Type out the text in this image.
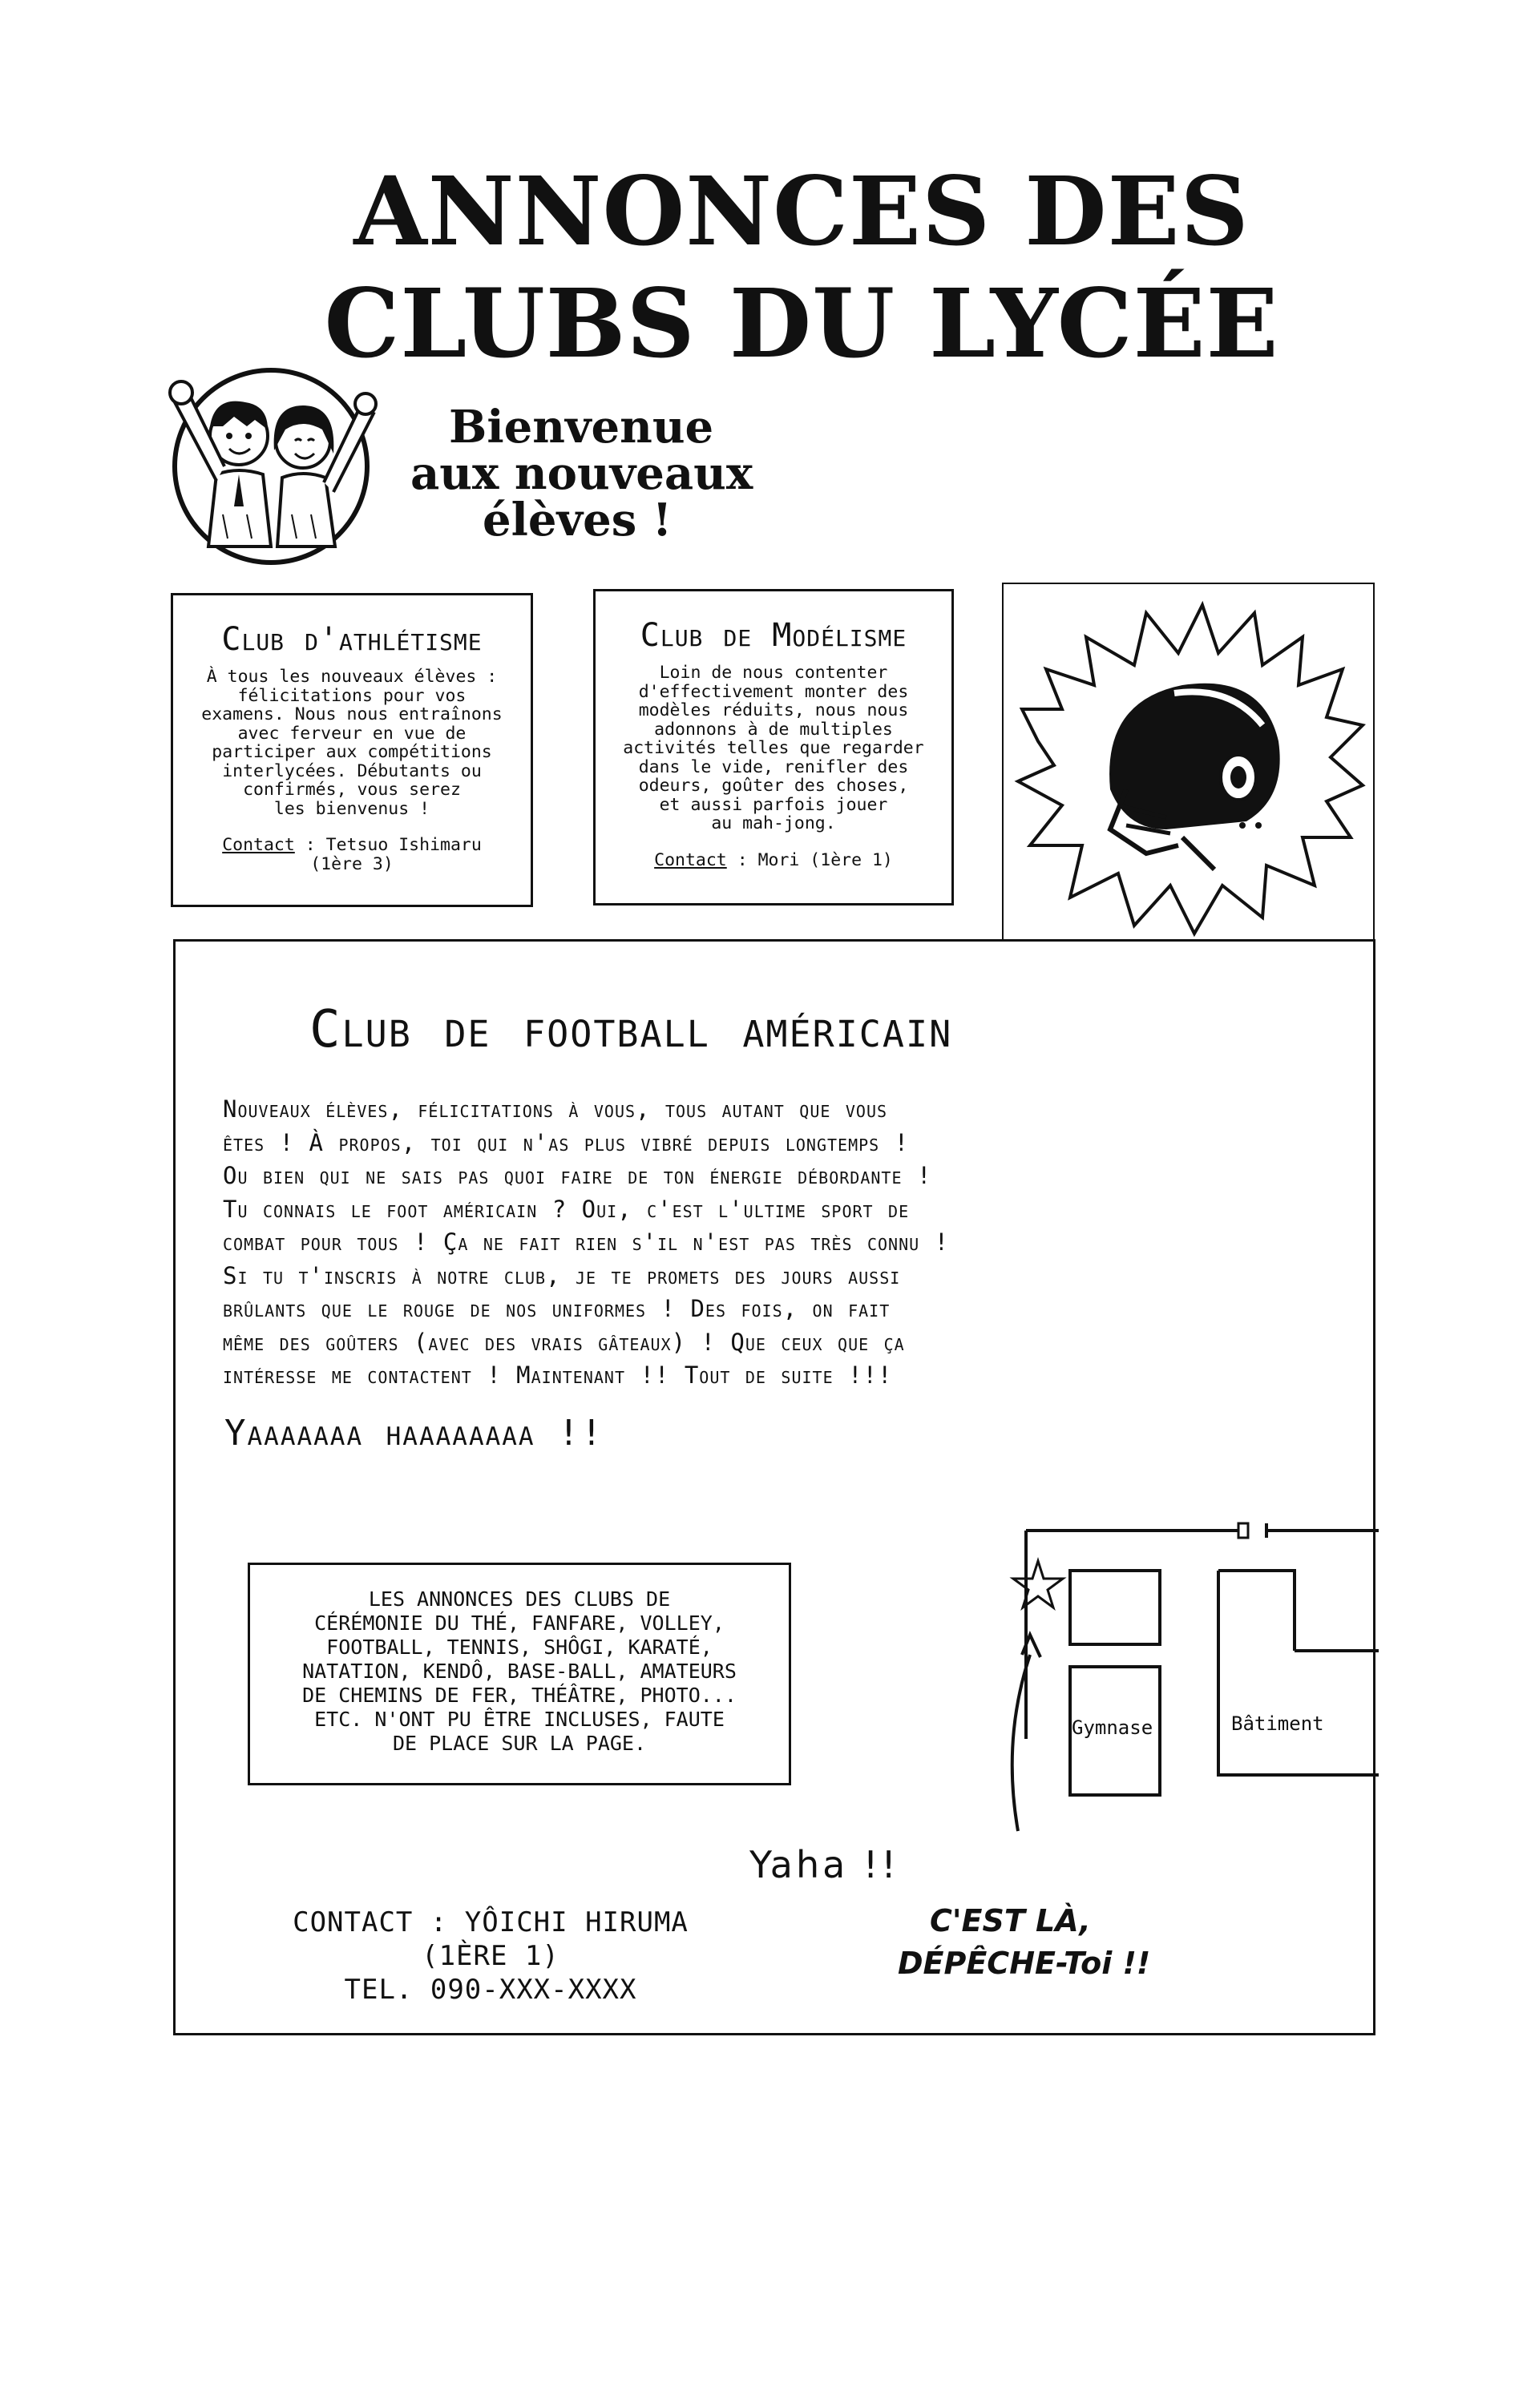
ANNONCES DES
CLUBS DU LYCÉE
Bienvenue
aux nouveaux
élèves !

Club d'athlétisme

À tous les nouveaux élèves :
félicitations pour vos
examens. Nous nous entraînons
avec ferveur en vue de
participer aux compétitions
interlycées. Débutants ou
confirmés, vous serez
les bienvenus !

Contact : Tetsuo Ishimaru
(1ère 3)

Club de Modélisme

Loin de nous contenter
d'effectivement monter des
modèles réduits, nous nous
adonnons à de multiples
activités telles que regarder
dans le vide, renifler des
odeurs, goûter des choses,
et aussi parfois jouer
au mah-jong.

Contact : Mori (1ère 1)

Club de football américain
Nouveaux élèves, félicitations à vous, tous autant que vous
êtes ! À propos, toi qui n'as plus vibré depuis longtemps !
Ou bien qui ne sais pas quoi faire de ton énergie débordante !
Tu connais le foot américain ? Oui, c'est l'ultime sport de
combat pour tous ! Ça ne fait rien s'il n'est pas très connu !
Si tu t'inscris à notre club, je te promets des jours aussi
brûlants que le rouge de nos uniformes ! Des fois, on fait
même des goûters (avec des vrais gâteaux) ! Que ceux que ça
intéresse me contactent ! Maintenant !! Tout de suite !!!
Yaaaaaaa haaaaaaaa !!
LES ANNONCES DES CLUBS DE
CÉRÉMONIE DU THÉ, FANFARE, VOLLEY,
FOOTBALL, TENNIS, SHÔGI, KARATÉ,
NATATION, KENDÔ, BASE-BALL, AMATEURS
DE CHEMINS DE FER, THÉÂTRE, PHOTO...
ETC. N'ONT PU ÊTRE INCLUSES, FAUTE
DE PLACE SUR LA PAGE.
Gymnase	Bâtiment
Yaha !!
C'EST LÀ,
DÉPÊCHE-Toi !!
CONTACT : YÔICHI HIRUMA
(1ÈRE 1)
TEL. 090-XXX-XXXX
